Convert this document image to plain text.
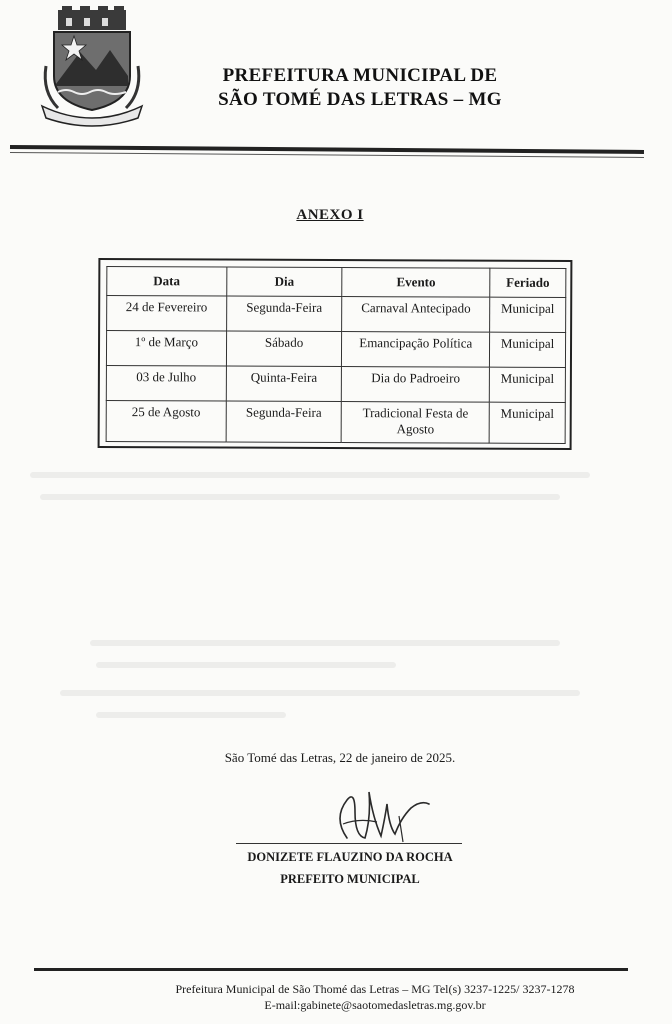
PREFEITURA MUNICIPAL DE
SÃO TOMÉ DAS LETRAS – MG
ANEXO I
Data	Dia	Evento	Feriado
24 de Fevereiro	Segunda-Feira	Carnaval Antecipado	Municipal
1º de Março	Sábado	Emancipação Política	Municipal
03 de Julho	Quinta-Feira	Dia do Padroeiro	Municipal
25 de Agosto	Segunda-Feira	Tradicional Festa de Agosto	Municipal
São Tomé das Letras, 22 de janeiro de 2025.
DONIZETE FLAUZINO DA ROCHA
PREFEITO MUNICIPAL
Prefeitura Municipal de São Thomé das Letras – MG Tel(s) 3237-1225/ 3237-1278
E-mail:gabinete@saotomedasletras.mg.gov.br
